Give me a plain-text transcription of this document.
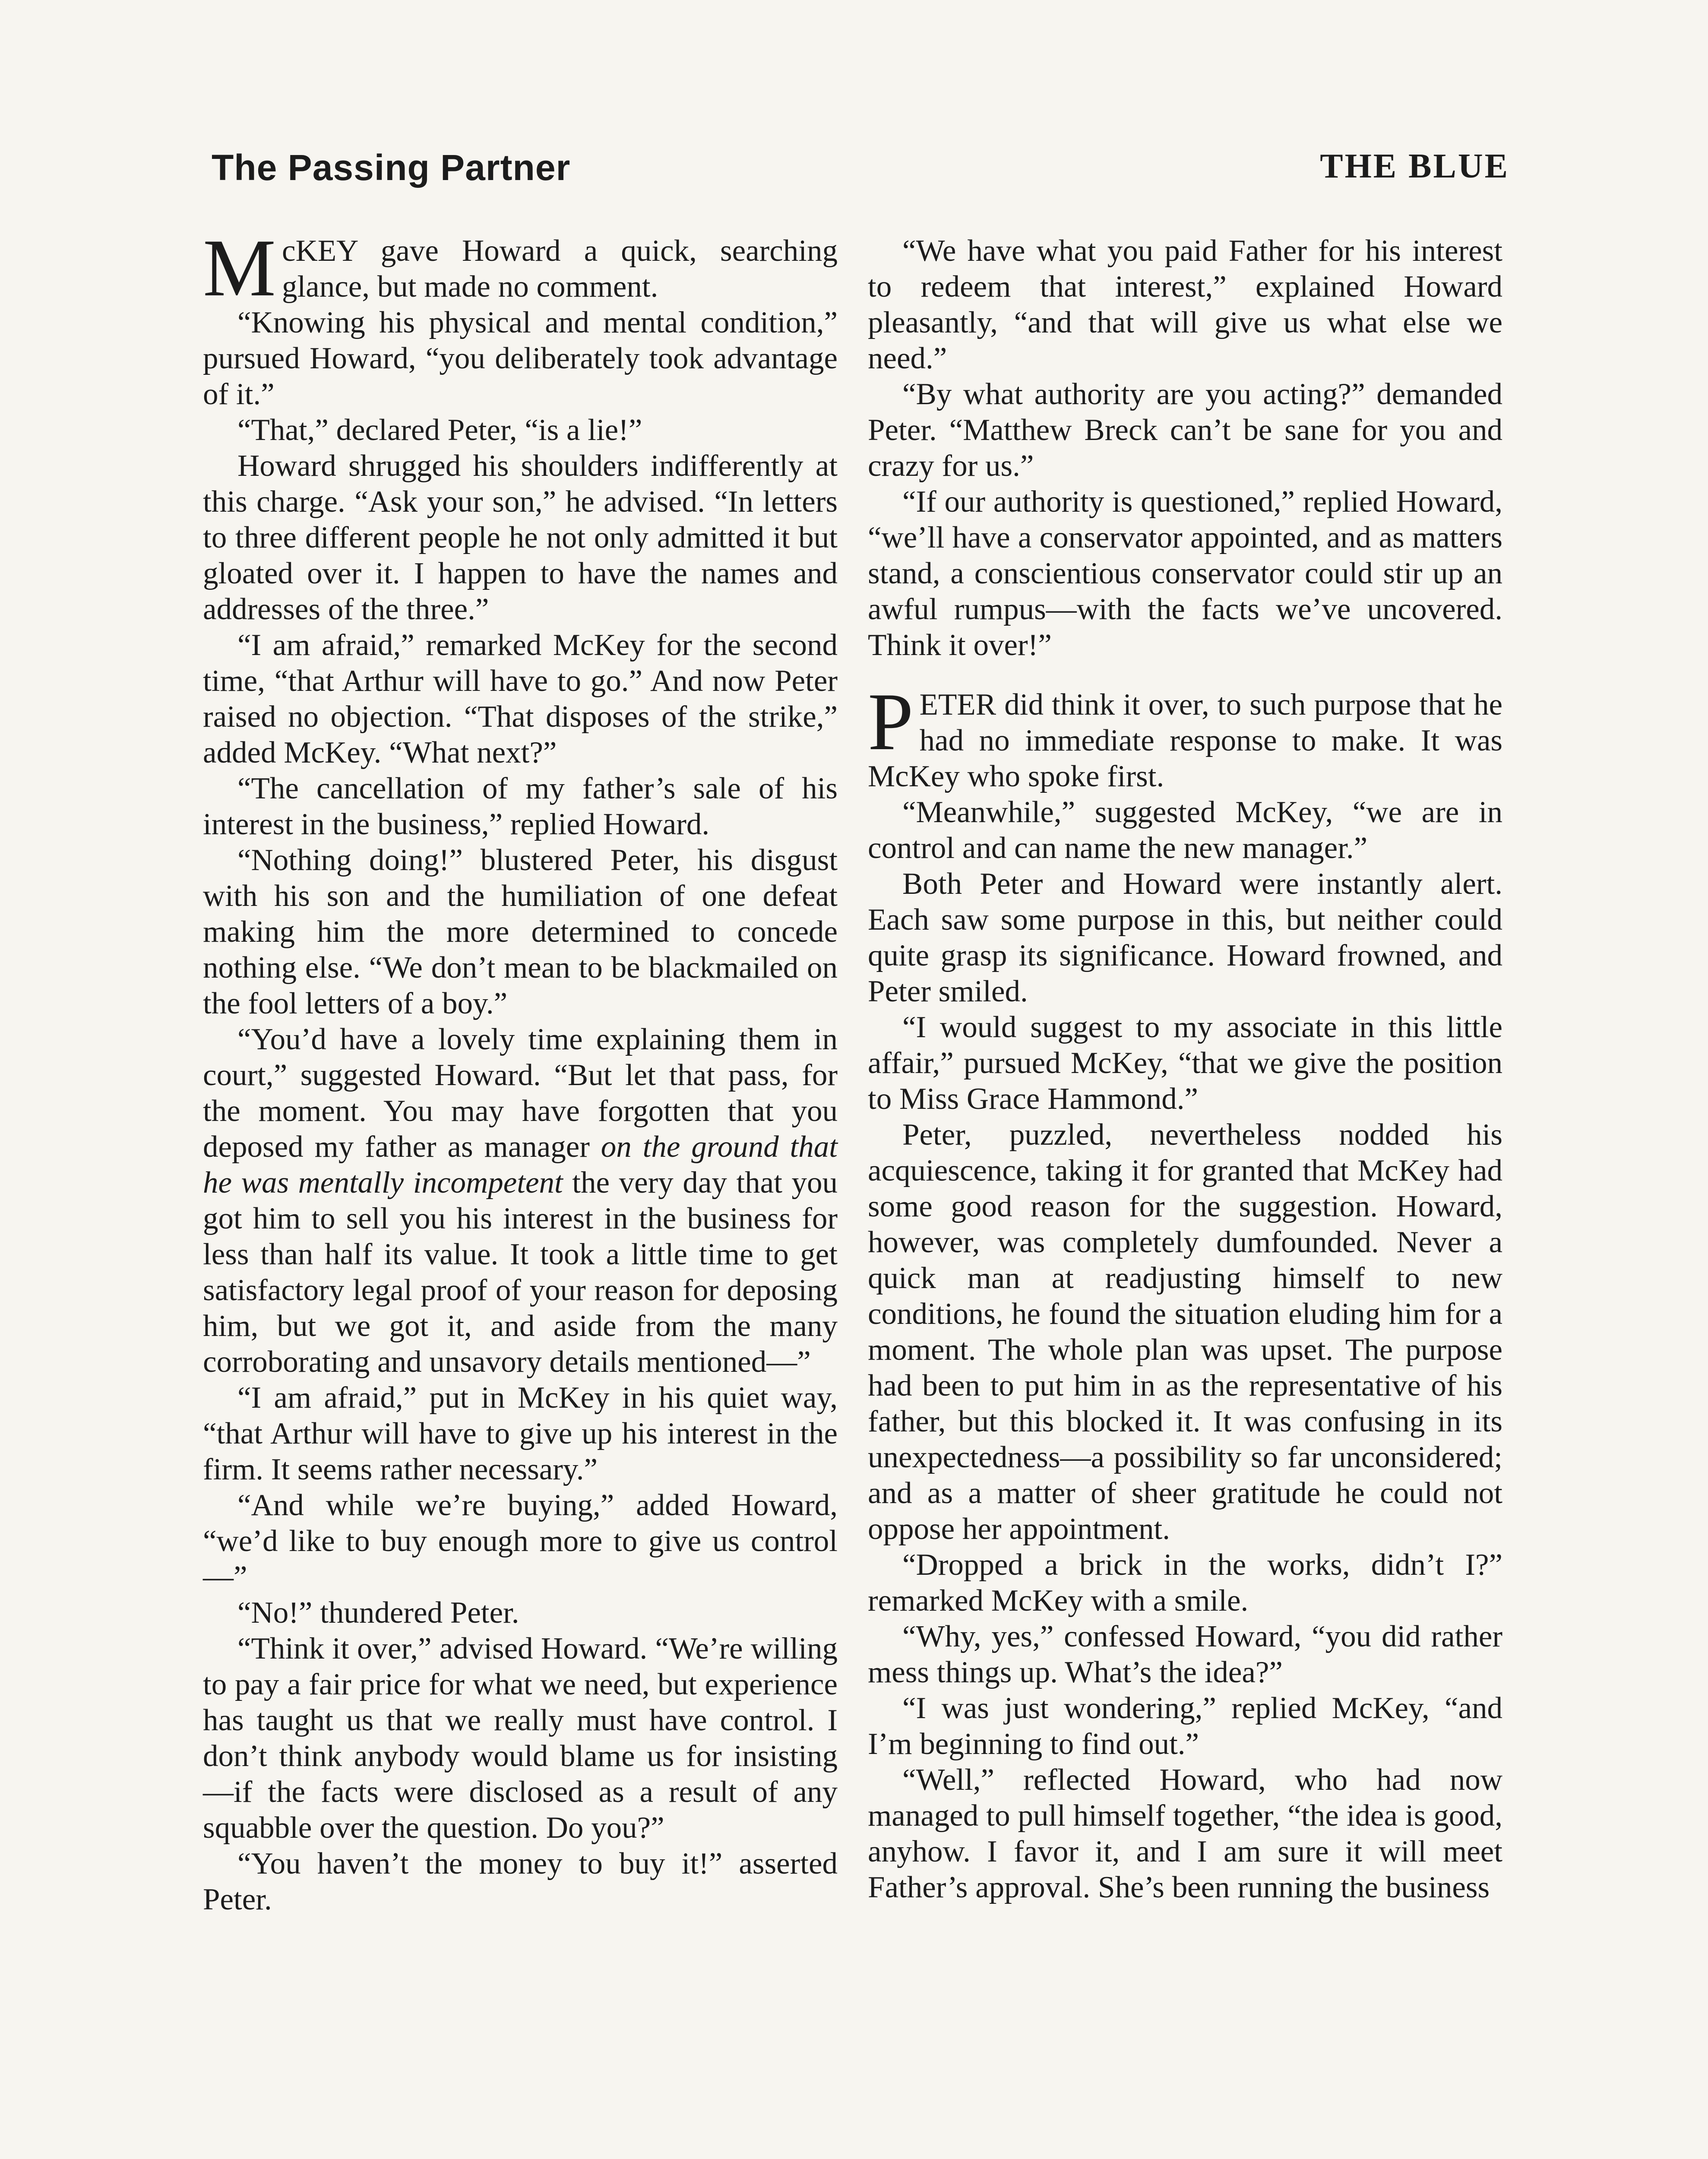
The Passing Partner	THE BLUE

McKEY gave Howard a quick, searching glance, but made no comment.

“Knowing his physical and mental condition,” pursued Howard, “you deliberately took advantage of it.”

“That,” declared Peter, “is a lie!”

Howard shrugged his shoulders indifferently at this charge. “Ask your son,” he advised. “In letters to three different people he not only admitted it but gloated over it. I happen to have the names and addresses of the three.”

“I am afraid,” remarked McKey for the second time, “that Arthur will have to go.” And now Peter raised no objection. “That disposes of the strike,” added McKey. “What next?”

“The cancellation of my father’s sale of his interest in the business,” replied Howard.

“Nothing doing!” blustered Peter, his disgust with his son and the humiliation of one defeat making him the more determined to concede nothing else. “We don’t mean to be blackmailed on the fool letters of a boy.”

“You’d have a lovely time explaining them in court,” suggested Howard. “But let that pass, for the moment. You may have forgotten that you deposed my father as manager on the ground that he was mentally incompetent the very day that you got him to sell you his interest in the business for less than half its value. It took a little time to get satisfactory legal proof of your reason for deposing him, but we got it, and aside from the many corroborating and unsavory details mentioned—”

“I am afraid,” put in McKey in his quiet way, “that Arthur will have to give up his interest in the firm. It seems rather necessary.”

“And while we’re buying,” added Howard, “we’d like to buy enough more to give us control—”

“No!” thundered Peter.

“Think it over,” advised Howard. “We’re willing to pay a fair price for what we need, but experience has taught us that we really must have control. I don’t think anybody would blame us for insisting—if the facts were disclosed as a result of any squabble over the question. Do you?”

“You haven’t the money to buy it!” asserted Peter.

“We have what you paid Father for his interest to redeem that interest,” explained Howard pleasantly, “and that will give us what else we need.”

“By what authority are you acting?” demanded Peter. “Matthew Breck can’t be sane for you and crazy for us.”

“If our authority is questioned,” replied Howard, “we’ll have a conservator appointed, and as matters stand, a conscientious conservator could stir up an awful rumpus—with the facts we’ve uncovered. Think it over!”

PETER did think it over, to such purpose that he had no immediate response to make. It was McKey who spoke first.

“Meanwhile,” suggested McKey, “we are in control and can name the new manager.”

Both Peter and Howard were instantly alert. Each saw some purpose in this, but neither could quite grasp its significance. Howard frowned, and Peter smiled.

“I would suggest to my associate in this little affair,” pursued McKey, “that we give the position to Miss Grace Hammond.”

Peter, puzzled, nevertheless nodded his acquiescence, taking it for granted that McKey had some good reason for the suggestion. Howard, however, was completely dumfounded. Never a quick man at readjusting himself to new conditions, he found the situation eluding him for a moment. The whole plan was upset. The purpose had been to put him in as the representative of his father, but this blocked it. It was confusing in its unexpectedness—a possibility so far unconsidered; and as a matter of sheer gratitude he could not oppose her appointment.

“Dropped a brick in the works, didn’t I?” remarked McKey with a smile.

“Why, yes,” confessed Howard, “you did rather mess things up. What’s the idea?”

“I was just wondering,” replied McKey, “and I’m beginning to find out.”

“Well,” reflected Howard, who had now managed to pull himself together, “the idea is good, anyhow. I favor it, and I am sure it will meet Father’s approval. She’s been running the business
